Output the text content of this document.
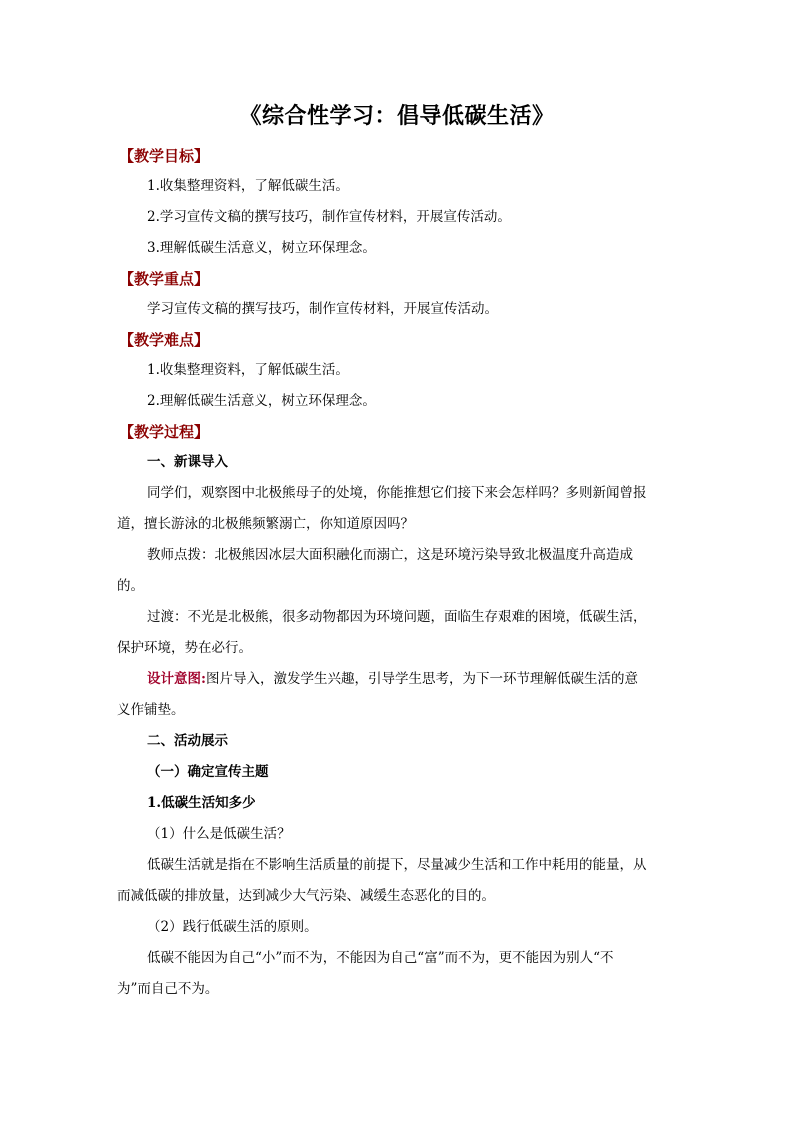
《综合性学习：倡导低碳生活》
【教学目标】
1.收集整理资料，了解低碳生活。
2.学习宣传文稿的撰写技巧，制作宣传材料，开展宣传活动。
3.理解低碳生活意义，树立环保理念。
【教学重点】
学习宣传文稿的撰写技巧，制作宣传材料，开展宣传活动。
【教学难点】
1.收集整理资料，了解低碳生活。
2.理解低碳生活意义，树立环保理念。
【教学过程】
一、新课导入
同学们，观察图中北极熊母子的处境，你能推想它们接下来会怎样吗？多则新闻曾报
道，擅长游泳的北极熊频繁溺亡，你知道原因吗？
教师点拨：北极熊因冰层大面积融化而溺亡，这是环境污染导致北极温度升高造成
的。
过渡：不光是北极熊，很多动物都因为环境问题，面临生存艰难的困境，低碳生活，
保护环境，势在必行。
设计意图:图片导入，激发学生兴趣，引导学生思考，为下一环节理解低碳生活的意
义作铺垫。
二、活动展示
（一）确定宣传主题
1.低碳生活知多少
（1）什么是低碳生活？
低碳生活就是指在不影响生活质量的前提下，尽量减少生活和工作中耗用的能量，从
而减低碳的排放量，达到减少大气污染、减缓生态恶化的目的。
（2）践行低碳生活的原则。
低碳不能因为自己“小”而不为，不能因为自己“富”而不为，更不能因为别人“不
为”而自己不为。
